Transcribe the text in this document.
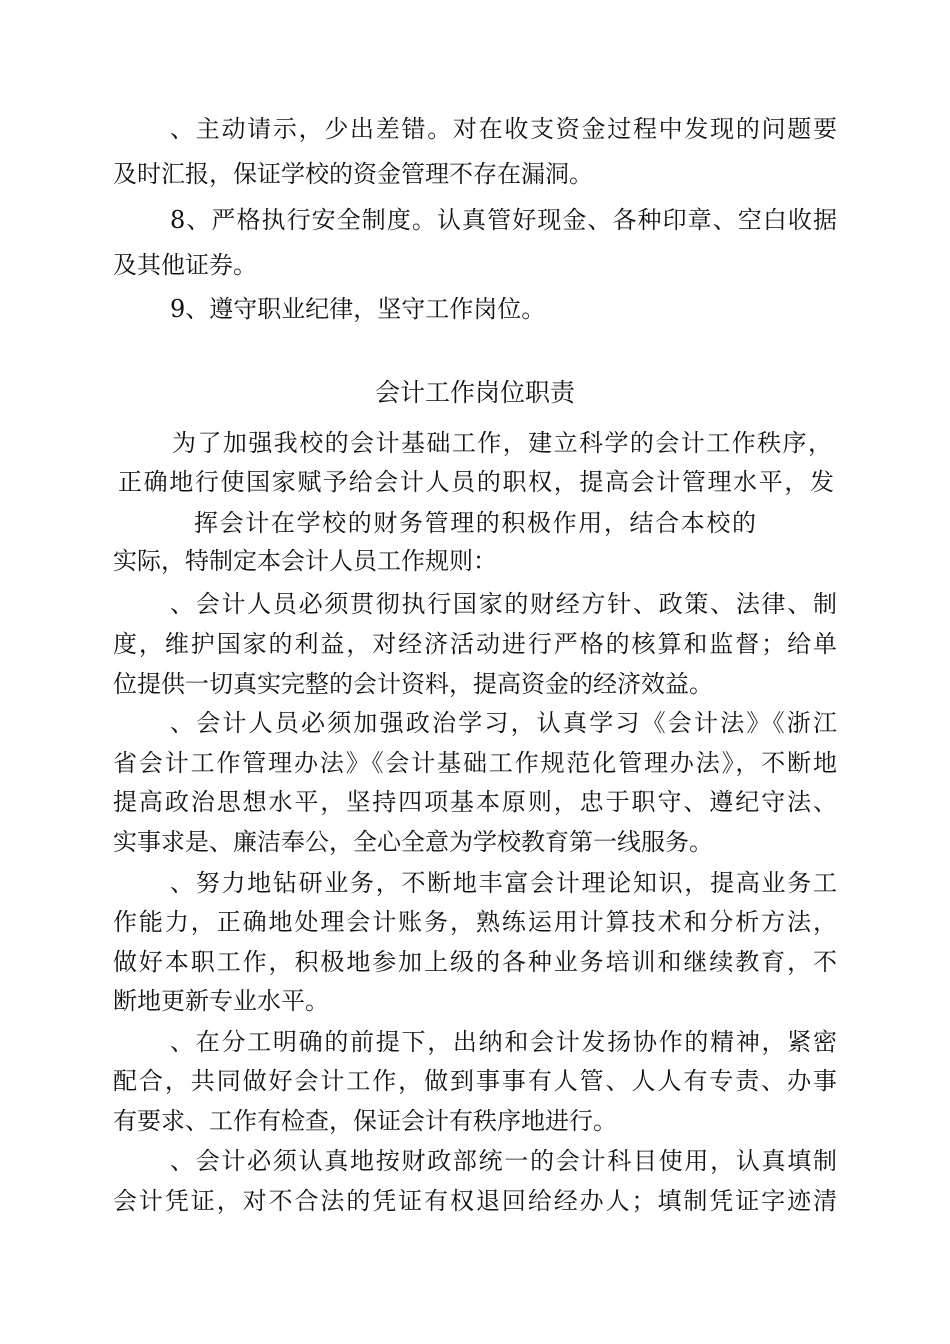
、主动请示，少出差错。对在收支资金过程中发现的问题要
及时汇报，保证学校的资金管理不存在漏洞。
8、严格执行安全制度。认真管好现金、各种印章、空白收据
及其他证券。
9、遵守职业纪律，坚守工作岗位。
会计工作岗位职责
为了加强我校的会计基础工作，建立科学的会计工作秩序，
正确地行使国家赋予给会计人员的职权，提高会计管理水平，发
挥会计在学校的财务管理的积极作用，结合本校的
实际，特制定本会计人员工作规则：
、会计人员必须贯彻执行国家的财经方针、政策、法律、制
度，维护国家的利益，对经济活动进行严格的核算和监督；给单
位提供一切真实完整的会计资料，提高资金的经济效益。
、会计人员必须加强政治学习，认真学习《会计法》《浙江
省会计工作管理办法》《会计基础工作规范化管理办法》，不断地
提高政治思想水平，坚持四项基本原则，忠于职守、遵纪守法、
实事求是、廉洁奉公，全心全意为学校教育第一线服务。
、努力地钻研业务，不断地丰富会计理论知识，提高业务工
作能力，正确地处理会计账务，熟练运用计算技术和分析方法，
做好本职工作，积极地参加上级的各种业务培训和继续教育，不
断地更新专业水平。
、在分工明确的前提下，出纳和会计发扬协作的精神，紧密
配合，共同做好会计工作，做到事事有人管、人人有专责、办事
有要求、工作有检查，保证会计有秩序地进行。
、会计必须认真地按财政部统一的会计科目使用，认真填制
会计凭证，对不合法的凭证有权退回给经办人；填制凭证字迹清
